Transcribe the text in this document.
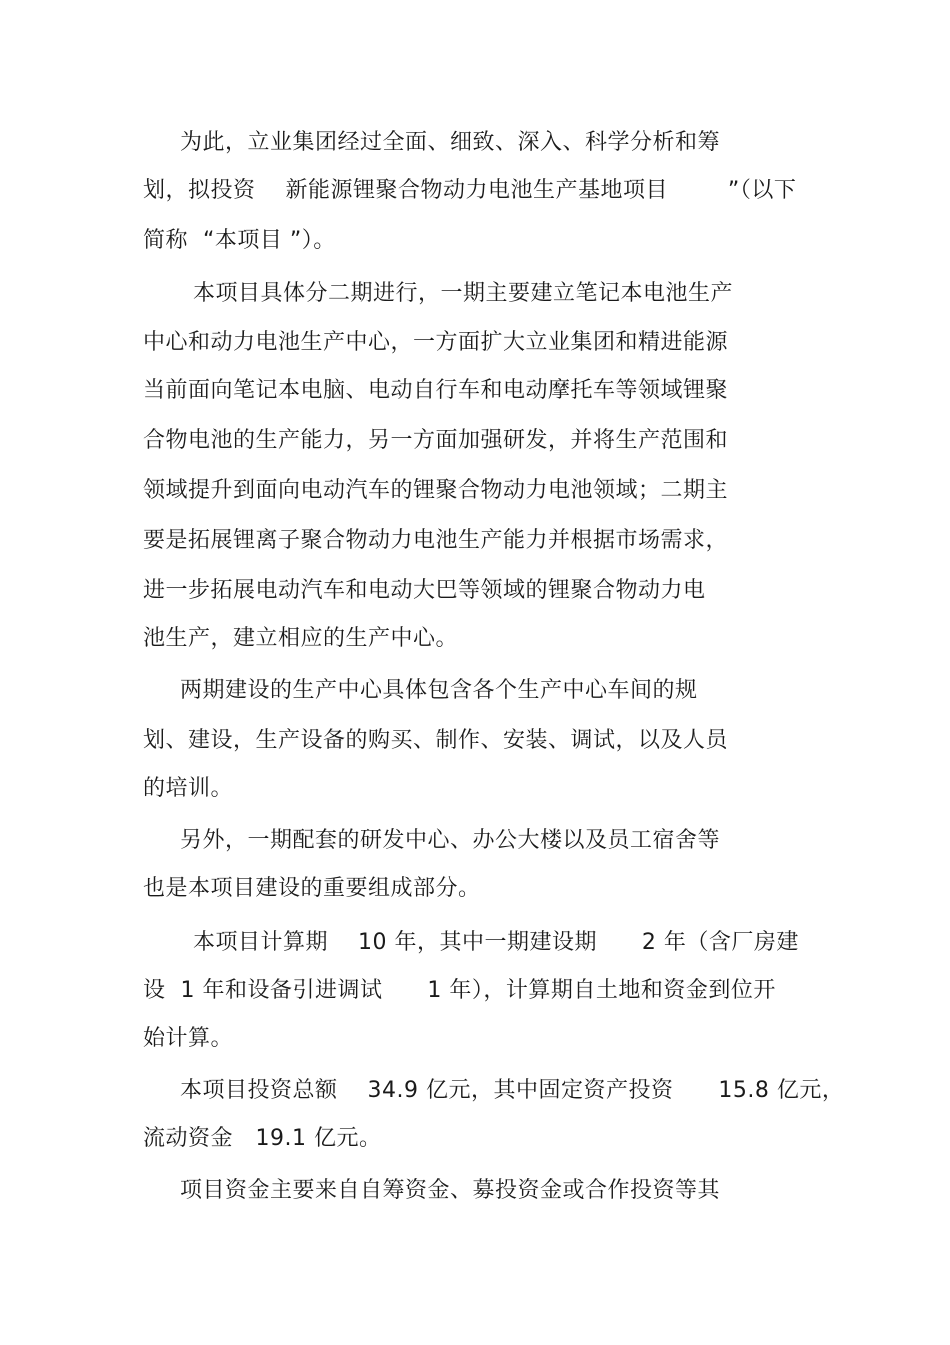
为此，立业集团经过全面、细致、深入、科学分析和筹
划，拟投资    新能源锂聚合物动力电池生产基地项目        ”（以下
简称  “本项目 ”）。
本项目具体分二期进行，一期主要建立笔记本电池生产
中心和动力电池生产中心，一方面扩大立业集团和精进能源
当前面向笔记本电脑、电动自行车和电动摩托车等领域锂聚
合物电池的生产能力，另一方面加强研发，并将生产范围和
领域提升到面向电动汽车的锂聚合物动力电池领域；二期主
要是拓展锂离子聚合物动力电池生产能力并根据市场需求，
进一步拓展电动汽车和电动大巴等领域的锂聚合物动力电
池生产，建立相应的生产中心。
两期建设的生产中心具体包含各个生产中心车间的规
划、建设，生产设备的购买、制作、安装、调试，以及人员
的培训。
另外，一期配套的研发中心、办公大楼以及员工宿舍等
也是本项目建设的重要组成部分。
本项目计算期    10 年，其中一期建设期      2 年（含厂房建
设  1 年和设备引进调试      1 年），计算期自土地和资金到位开
始计算。
本项目投资总额    34.9 亿元，其中固定资产投资      15.8 亿元，
流动资金   19.1 亿元。
项目资金主要来自自筹资金、募投资金或合作投资等其
